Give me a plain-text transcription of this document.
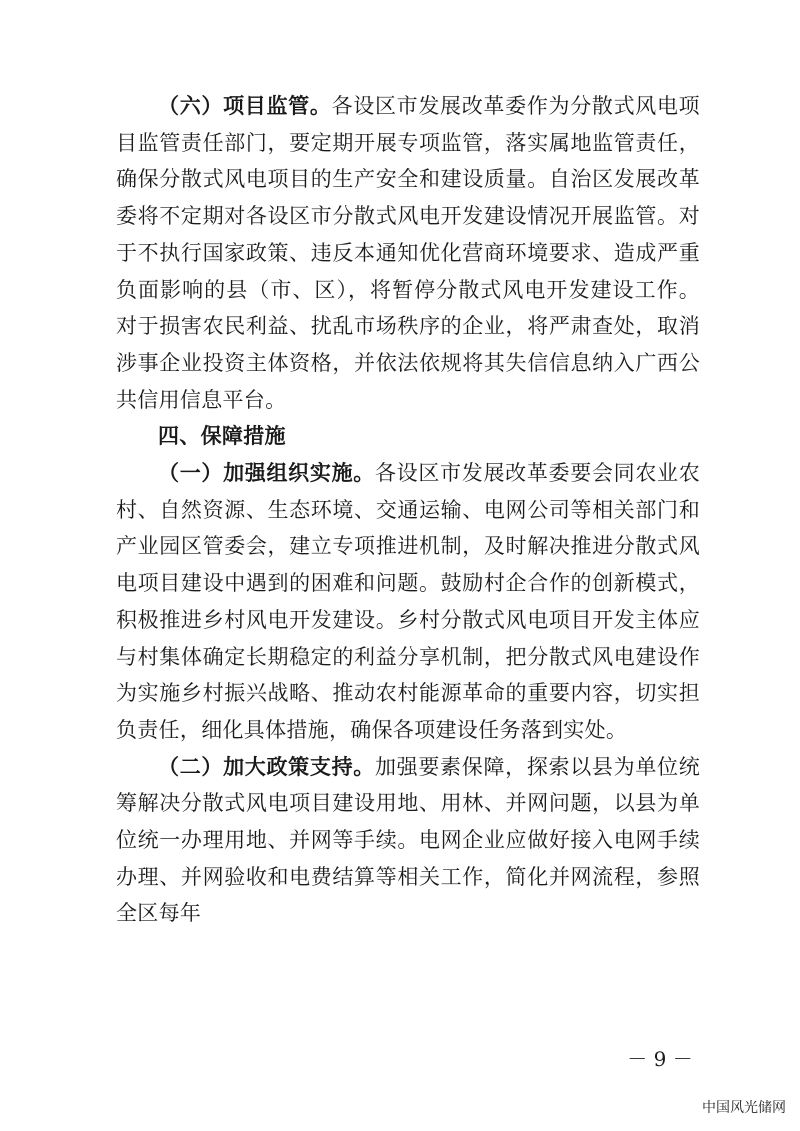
（六）项目监管。各设区市发展改革委作为分散式风电项目监管责任部门，要定期开展专项监管，落实属地监管责任，确保分散式风电项目的生产安全和建设质量。自治区发展改革委将不定期对各设区市分散式风电开发建设情况开展监管。对于不执行国家政策、违反本通知优化营商环境要求、造成严重负面影响的县（市、区），将暂停分散式风电开发建设工作。对于损害农民利益、扰乱市场秩序的企业，将严肃查处，取消涉事企业投资主体资格，并依法依规将其失信信息纳入广西公共信用信息平台。

四、保障措施

（一）加强组织实施。各设区市发展改革委要会同农业农村、自然资源、生态环境、交通运输、电网公司等相关部门和产业园区管委会，建立专项推进机制，及时解决推进分散式风电项目建设中遇到的困难和问题。鼓励村企合作的创新模式，积极推进乡村风电开发建设。乡村分散式风电项目开发主体应与村集体确定长期稳定的利益分享机制，把分散式风电建设作为实施乡村振兴战略、推动农村能源革命的重要内容，切实担负责任，细化具体措施，确保各项建设任务落到实处。

（二）加大政策支持。加强要素保障，探索以县为单位统筹解决分散式风电项目建设用地、用林、并网问题，以县为单位统一办理用地、并网等手续。电网企业应做好接入电网手续办理、并网验收和电费结算等相关工作，简化并网流程，参照全区每年

－ 9 －
中国风光储网
